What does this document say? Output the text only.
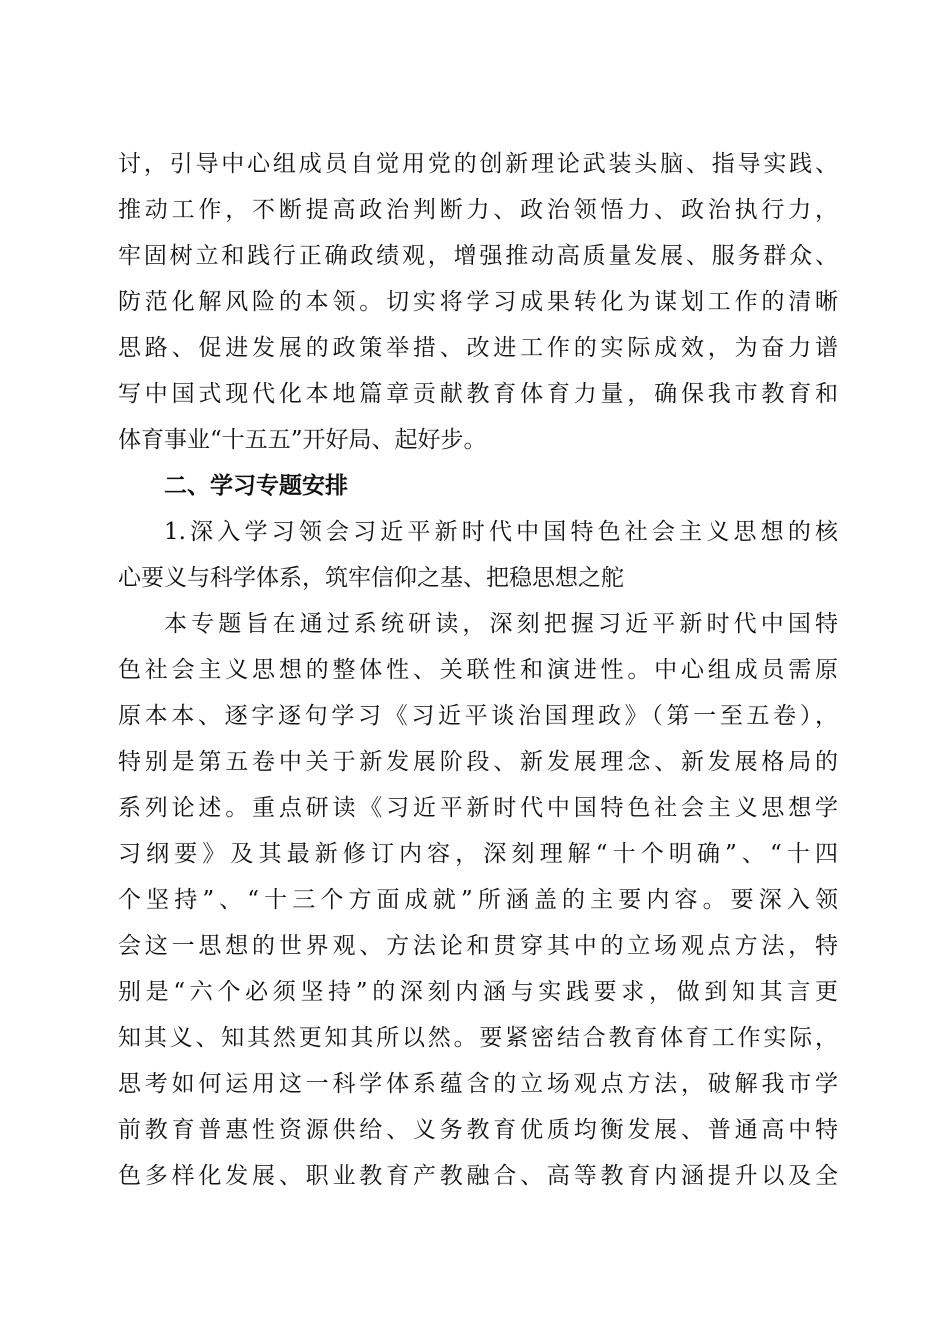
讨，引导中心组成员自觉用党的创新理论武装头脑、指导实践、
推动工作，不断提高政治判断力、政治领悟力、政治执行力，
牢固树立和践行正确政绩观，增强推动高质量发展、服务群众、
防范化解风险的本领。切实将学习成果转化为谋划工作的清晰
思路、促进发展的政策举措、改进工作的实际成效，为奋力谱
写中国式现代化本地篇章贡献教育体育力量，确保我市教育和
体育事业“十五五”开好局、起好步。
二、学习专题安排
1.深入学习领会习近平新时代中国特色社会主义思想的核
心要义与科学体系，筑牢信仰之基、把稳思想之舵
本专题旨在通过系统研读，深刻把握习近平新时代中国特
色社会主义思想的整体性、关联性和演进性。中心组成员需原
原本本、逐字逐句学习《习近平谈治国理政》（第一至五卷），
特别是第五卷中关于新发展阶段、新发展理念、新发展格局的
系列论述。重点研读《习近平新时代中国特色社会主义思想学
习纲要》及其最新修订内容，深刻理解“十个明确”、“十四
个坚持”、“十三个方面成就”所涵盖的主要内容。要深入领
会这一思想的世界观、方法论和贯穿其中的立场观点方法，特
别是“六个必须坚持”的深刻内涵与实践要求，做到知其言更
知其义、知其然更知其所以然。要紧密结合教育体育工作实际，
思考如何运用这一科学体系蕴含的立场观点方法，破解我市学
前教育普惠性资源供给、义务教育优质均衡发展、普通高中特
色多样化发展、职业教育产教融合、高等教育内涵提升以及全
